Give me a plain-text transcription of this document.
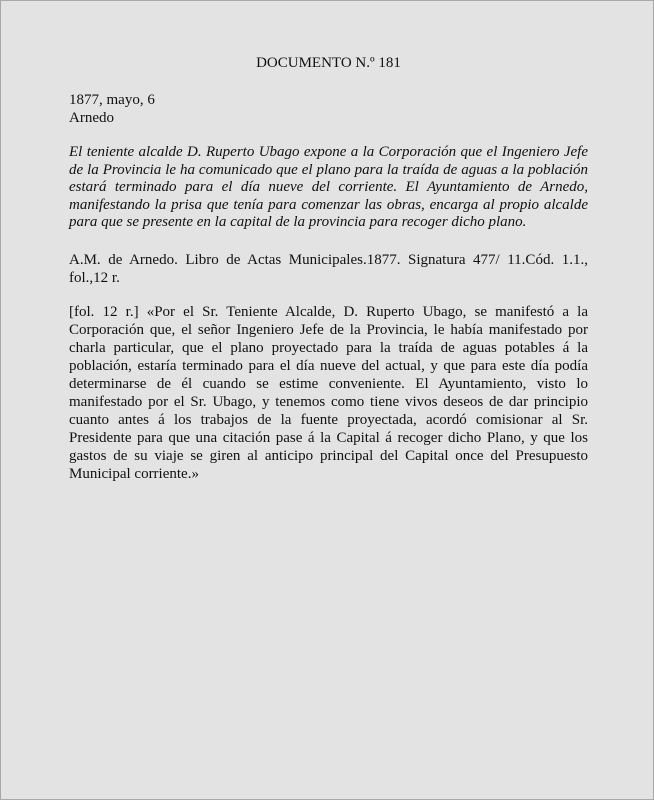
DOCUMENTO N.º 181
1877, mayo, 6
Arnedo

El teniente alcalde D. Ruperto Ubago expone a la Corporación que el Ingeniero Jefe de la Provincia le ha comunicado que el plano para la traída de aguas a la población estará terminado para el día nueve del corriente. El Ayuntamiento de Arnedo, manifestando la prisa que tenía para comenzar las obras, encarga al propio alcalde para que se presente en la capital de la provincia para recoger dicho plano.

A.M. de Arnedo. Libro de Actas Municipales.1877. Signatura 477/ 11.Cód. 1.1., fol.,12 r.

[fol. 12 r.] «Por el Sr. Teniente Alcalde, D. Ruperto Ubago, se manifestó a la Corporación que, el señor Ingeniero Jefe de la Provincia, le había manifestado por charla particular, que el plano proyectado para la traída de aguas potables á la población, estaría terminado para el día nueve del actual, y que para este día podía determinarse de él cuando se estime conveniente. El Ayuntamiento, visto lo manifestado por el Sr. Ubago, y tenemos como tiene vivos deseos de dar principio cuanto antes á los trabajos de la fuente proyectada, acordó comisionar al Sr. Presidente para que una citación pase á la Capital á recoger dicho Plano, y que los gastos de su viaje se giren al anticipo principal del Capital once del Presupuesto Municipal corriente.»
